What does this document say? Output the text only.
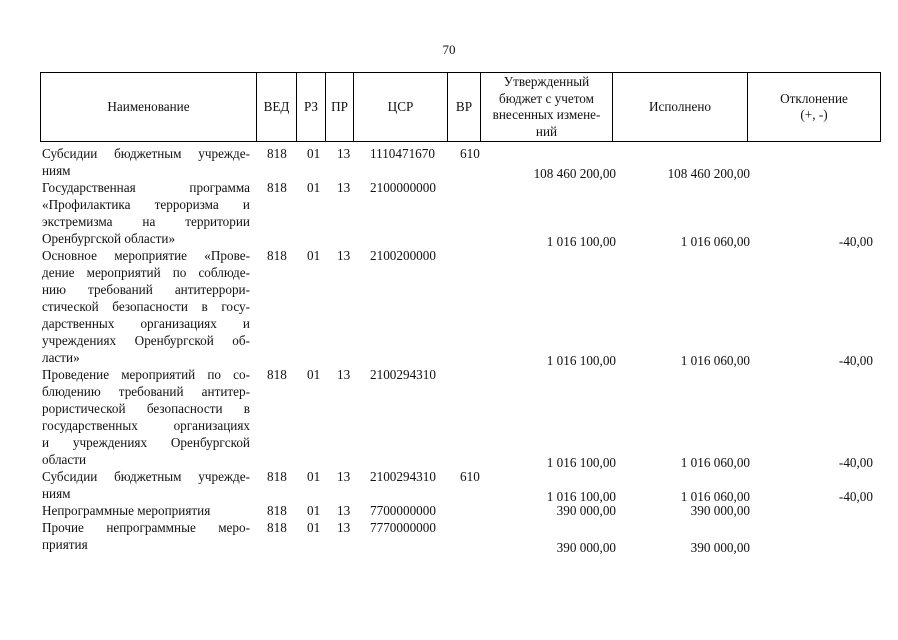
70
Наименование	ВЕД	РЗ	ПР	ЦСР	ВР	
Утвержденный
бюджет с учетом
внесенных измене-
ний
	Исполнено	
Отклонение
(+, -)
Субсидии бюджетным учрежде-
ниям
818 01 13 1110471670 610
108 460 200,00	108 460 200,00
Государственная программа
«Профилактика терроризма и
экстремизма на территории
Оренбургской области»
818 01 13 2100000000
1 016 100,00	1 016 060,00	-40,00
Основное мероприятие «Прове-
дение мероприятий по соблюде-
нию требований антитеррори-
стической безопасности в госу-
дарственных организациях и
учреждениях Оренбургской об-
ласти»
818 01 13 2100200000
1 016 100,00	1 016 060,00	-40,00
Проведение мероприятий по со-
блюдению требований антитер-
рористической безопасности в
государственных организациях
и учреждениях Оренбургской
области
818 01 13 2100294310
1 016 100,00	1 016 060,00	-40,00
Субсидии бюджетным учрежде-
ниям
818 01 13 2100294310 610
1 016 100,00	1 016 060,00	-40,00
Непрограммные мероприятия	818 01 13 7700000000	390 000,00	390 000,00
Прочие непрограммные меро-
приятия
818 01 13 7770000000
390 000,00	390 000,00
